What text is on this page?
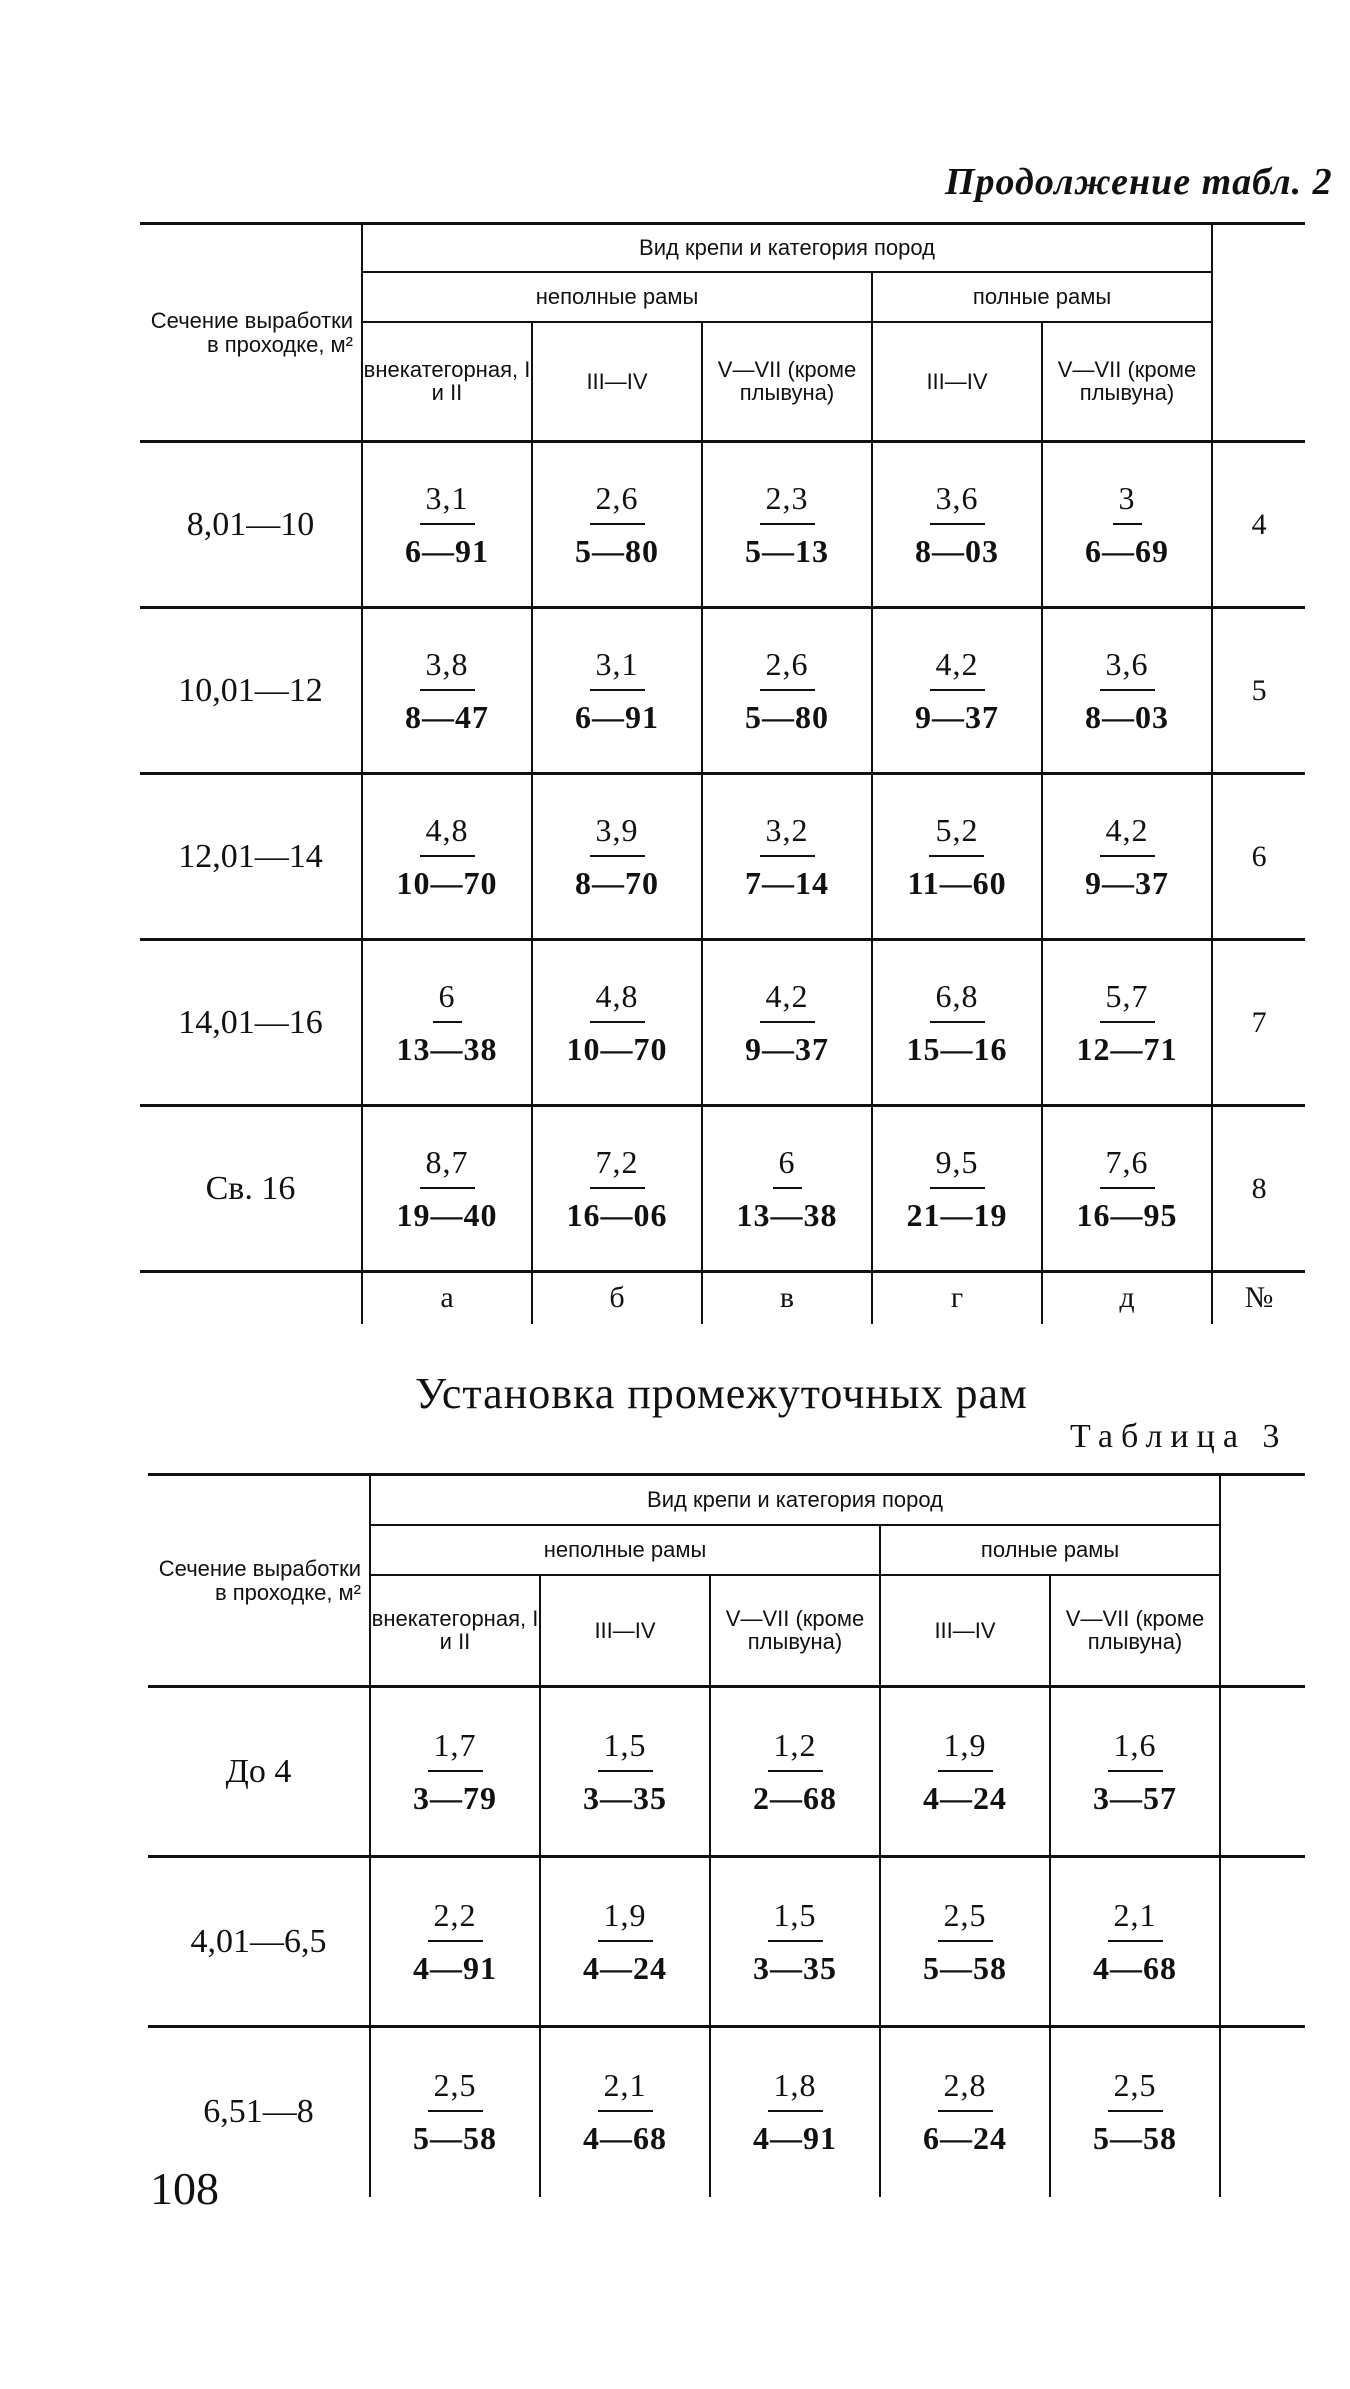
Продолжение табл. 2
Сечение выработки в проходке, м²	Вид крепи и категория пород					
	неполные рамы			полные рамы		
	внекатегорная, I и II	III—IV	V—VII (кроме плывуна)	III—IV	V—VII (кроме плывуна)	
8,01—10	$\frac{3,1}{6—91}$	$\frac{2,6}{5—80}$	$\frac{2,3}{5—13}$	$\frac{3,6}{8—03}$	$\frac{3}{6—69}$	4
10,01—12	$\frac{3,8}{8—47}$	$\frac{3,1}{6—91}$	$\frac{2,6}{5—80}$	$\frac{4,2}{9—37}$	$\frac{3,6}{8—03}$	5
12,01—14	$\frac{4,8}{10—70}$	$\frac{3,9}{8—70}$	$\frac{3,2}{7—14}$	$\frac{5,2}{11—60}$	$\frac{4,2}{9—37}$	6
14,01—16	$\frac{6}{13—38}$	$\frac{4,8}{10—70}$	$\frac{4,2}{9—37}$	$\frac{6,8}{15—16}$	$\frac{5,7}{12—71}$	7
Св. 16	$\frac{8,7}{19—40}$	$\frac{7,2}{16—06}$	$\frac{6}{13—38}$	$\frac{9,5}{21—19}$	$\frac{7,6}{16—95}$	8
	а	б	в	г	д	№
Установка промежуточных рам
Таблица 3
Сечение выработки в проходке, м²	Вид крепи и категория пород					
	неполные рамы			полные рамы		
	внекатегорная, I и II	III—IV	V—VII (кроме плывуна)	III—IV	V—VII (кроме плывуна)	
До 4	$\frac{1,7}{3—79}$	$\frac{1,5}{3—35}$	$\frac{1,2}{2—68}$	$\frac{1,9}{4—24}$	$\frac{1,6}{3—57}$

4,01—6,5	$\frac{2,2}{4—91}$	$\frac{1,9}{4—24}$	$\frac{1,5}{3—35}$	$\frac{2,5}{5—58}$	$\frac{2,1}{4—68}$

6,51—8	$\frac{2,5}{5—58}$	$\frac{2,1}{4—68}$	$\frac{1,8}{4—91}$	$\frac{2,8}{6—24}$	$\frac{2,5}{5—58}$

108
